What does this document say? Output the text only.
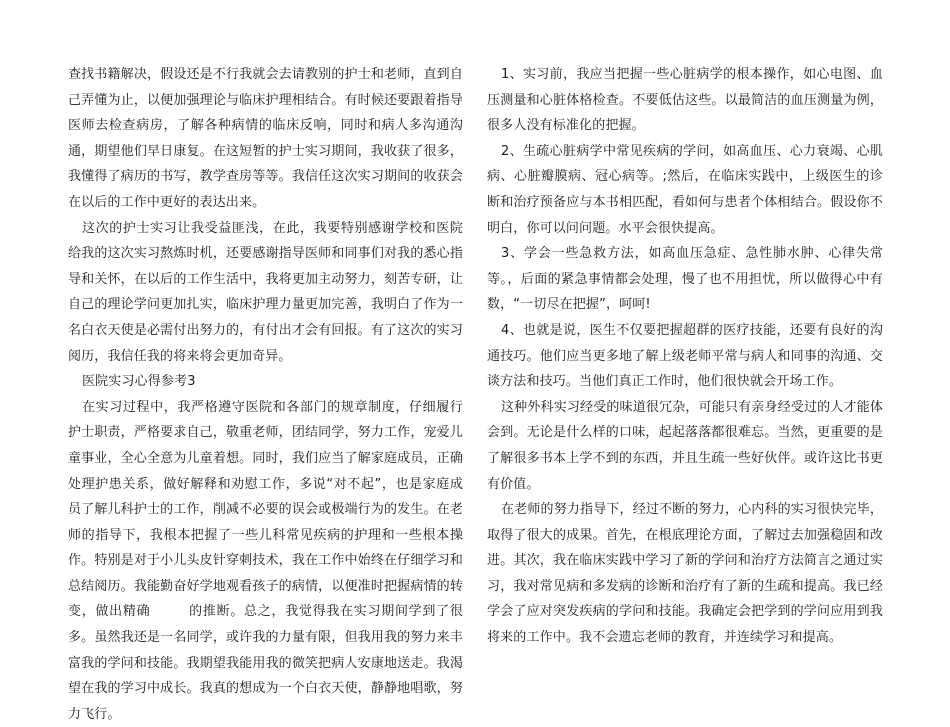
查找书籍解决，假设还是不行我就会去请教别的护士和老师，直到自己弄懂为止，以便加强理论与临床护理相结合。有时候还要跟着指导医师去检查病房，了解各种病情的临床反响，同时和病人多沟通沟通，期望他们早日康复。在这短暂的护士实习期间，我收获了很多，我懂得了病历的书写，教学查房等等。我信任这次实习期间的收获会在以后的工作中更好的表达出来。

这次的护士实习让我受益匪浅，在此，我要特别感谢学校和医院给我的这次实习熬炼时机，还要感谢指导医师和同事们对我的悉心指导和关怀，在以后的工作生活中，我将更加主动努力，刻苦专研，让自己的理论学问更加扎实，临床护理力量更加完善，我明白了作为一名白衣天使是必需付出努力的，有付出才会有回报。有了这次的实习阅历，我信任我的将来将会更加奇异。

医院实习心得参考3

在实习过程中，我严格遵守医院和各部门的规章制度，仔细履行护士职责，严格要求自己，敬重老师，团结同学，努力工作，宠爱儿童事业，全心全意为儿童着想。同时，我们应当了解家庭成员，正确处理护患关系，做好解释和劝慰工作，多说“对不起”，也是家庭成员了解儿科护士的工作，削减不必要的误会或极端行为的发生。在老师的指导下，我根本把握了一些儿科常见疾病的护理和一些根本操作。特别是对于小儿头皮针穿刺技术，我在工作中始终在仔细学习和总结阅历。我能勤奋好学地观看孩子的病情，以便准时把握病情的转变，做出精确	的推断。总之，我觉得我在实习期间学到了很多。虽然我还是一名同学，或许我的力量有限，但我用我的努力来丰富我的学问和技能。我期望我能用我的微笑把病人安康地送走。我渴望在我的学习中成长。我真的想成为一个白衣天使，静静地唱歌，努力飞行。

1、实习前，我应当把握一些心脏病学的根本操作，如心电图、血压测量和心脏体格检查。不要低估这些。以最简洁的血压测量为例，很多人没有标准化的把握。

2、生疏心脏病学中常见疾病的学问，如高血压、心力衰竭、心肌病、心脏瓣膜病、冠心病等。;然后，在临床实践中，上级医生的诊断和治疗预备应与本书相匹配，看如何与患者个体相结合。假设你不明白，你可以问问题。水平会很快提高。

3、学会一些急救方法，如高血压急症、急性肺水肿、心律失常等。，后面的紧急事情都会处理，慢了也不用担忧，所以做得心中有数，“一切尽在把握”，呵呵!

4、也就是说，医生不仅要把握超群的医疗技能，还要有良好的沟通技巧。他们应当更多地了解上级老师平常与病人和同事的沟通、交谈方法和技巧。当他们真正工作时，他们很快就会开场工作。

这种外科实习经受的味道很冗杂，可能只有亲身经受过的人才能体会到。无论是什么样的口味，起起落落都很难忘。当然，更重要的是了解很多书本上学不到的东西，并且生疏一些好伙伴。或许这比书更有价值。

在老师的努力指导下，经过不断的努力，心内科的实习很快完毕，取得了很大的成果。首先，在根底理论方面，了解过去加强稳固和改进。其次，我在临床实践中学习了新的学问和治疗方法简言之通过实习，我对常见病和多发病的诊断和治疗有了新的生疏和提高。我已经学会了应对突发疾病的学问和技能。我确定会把学到的学问应用到我将来的工作中。我不会遗忘老师的教育，并连续学习和提高。
